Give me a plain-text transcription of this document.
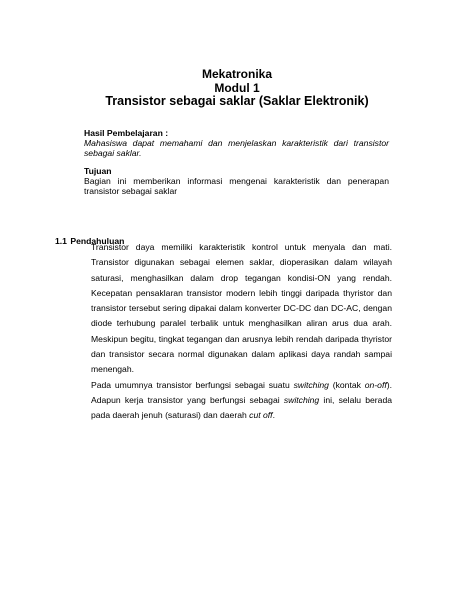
Mekatronika
Modul 1
Transistor sebagai saklar (Saklar Elektronik)
Hasil Pembelajaran :
Mahasiswa dapat memahami dan menjelaskan karakteristik dari transistor sebagai saklar.
Tujuan
Bagian ini memberikan informasi mengenai karakteristik dan penerapan transistor sebagai saklar
1.1 Pendahuluan

Transistor daya memiliki karakteristik kontrol untuk menyala dan mati. Transistor digunakan sebagai elemen saklar, dioperasikan dalam wilayah saturasi, menghasilkan dalam drop tegangan kondisi-ON yang rendah. Kecepatan pensaklaran transistor modern lebih tinggi daripada thyristor dan transistor tersebut sering dipakai dalam konverter DC-DC dan DC-AC, dengan diode terhubung paralel terbalik untuk menghasilkan aliran arus dua arah. Meskipun begitu, tingkat tegangan dan arusnya lebih rendah daripada thyristor dan transistor secara normal digunakan dalam aplikasi daya randah sampai menengah.

Pada umumnya transistor berfungsi sebagai suatu switching (kontak on-off). Adapun kerja transistor yang berfungsi sebagai switching ini, selalu berada pada daerah jenuh (saturasi) dan daerah cut off.
